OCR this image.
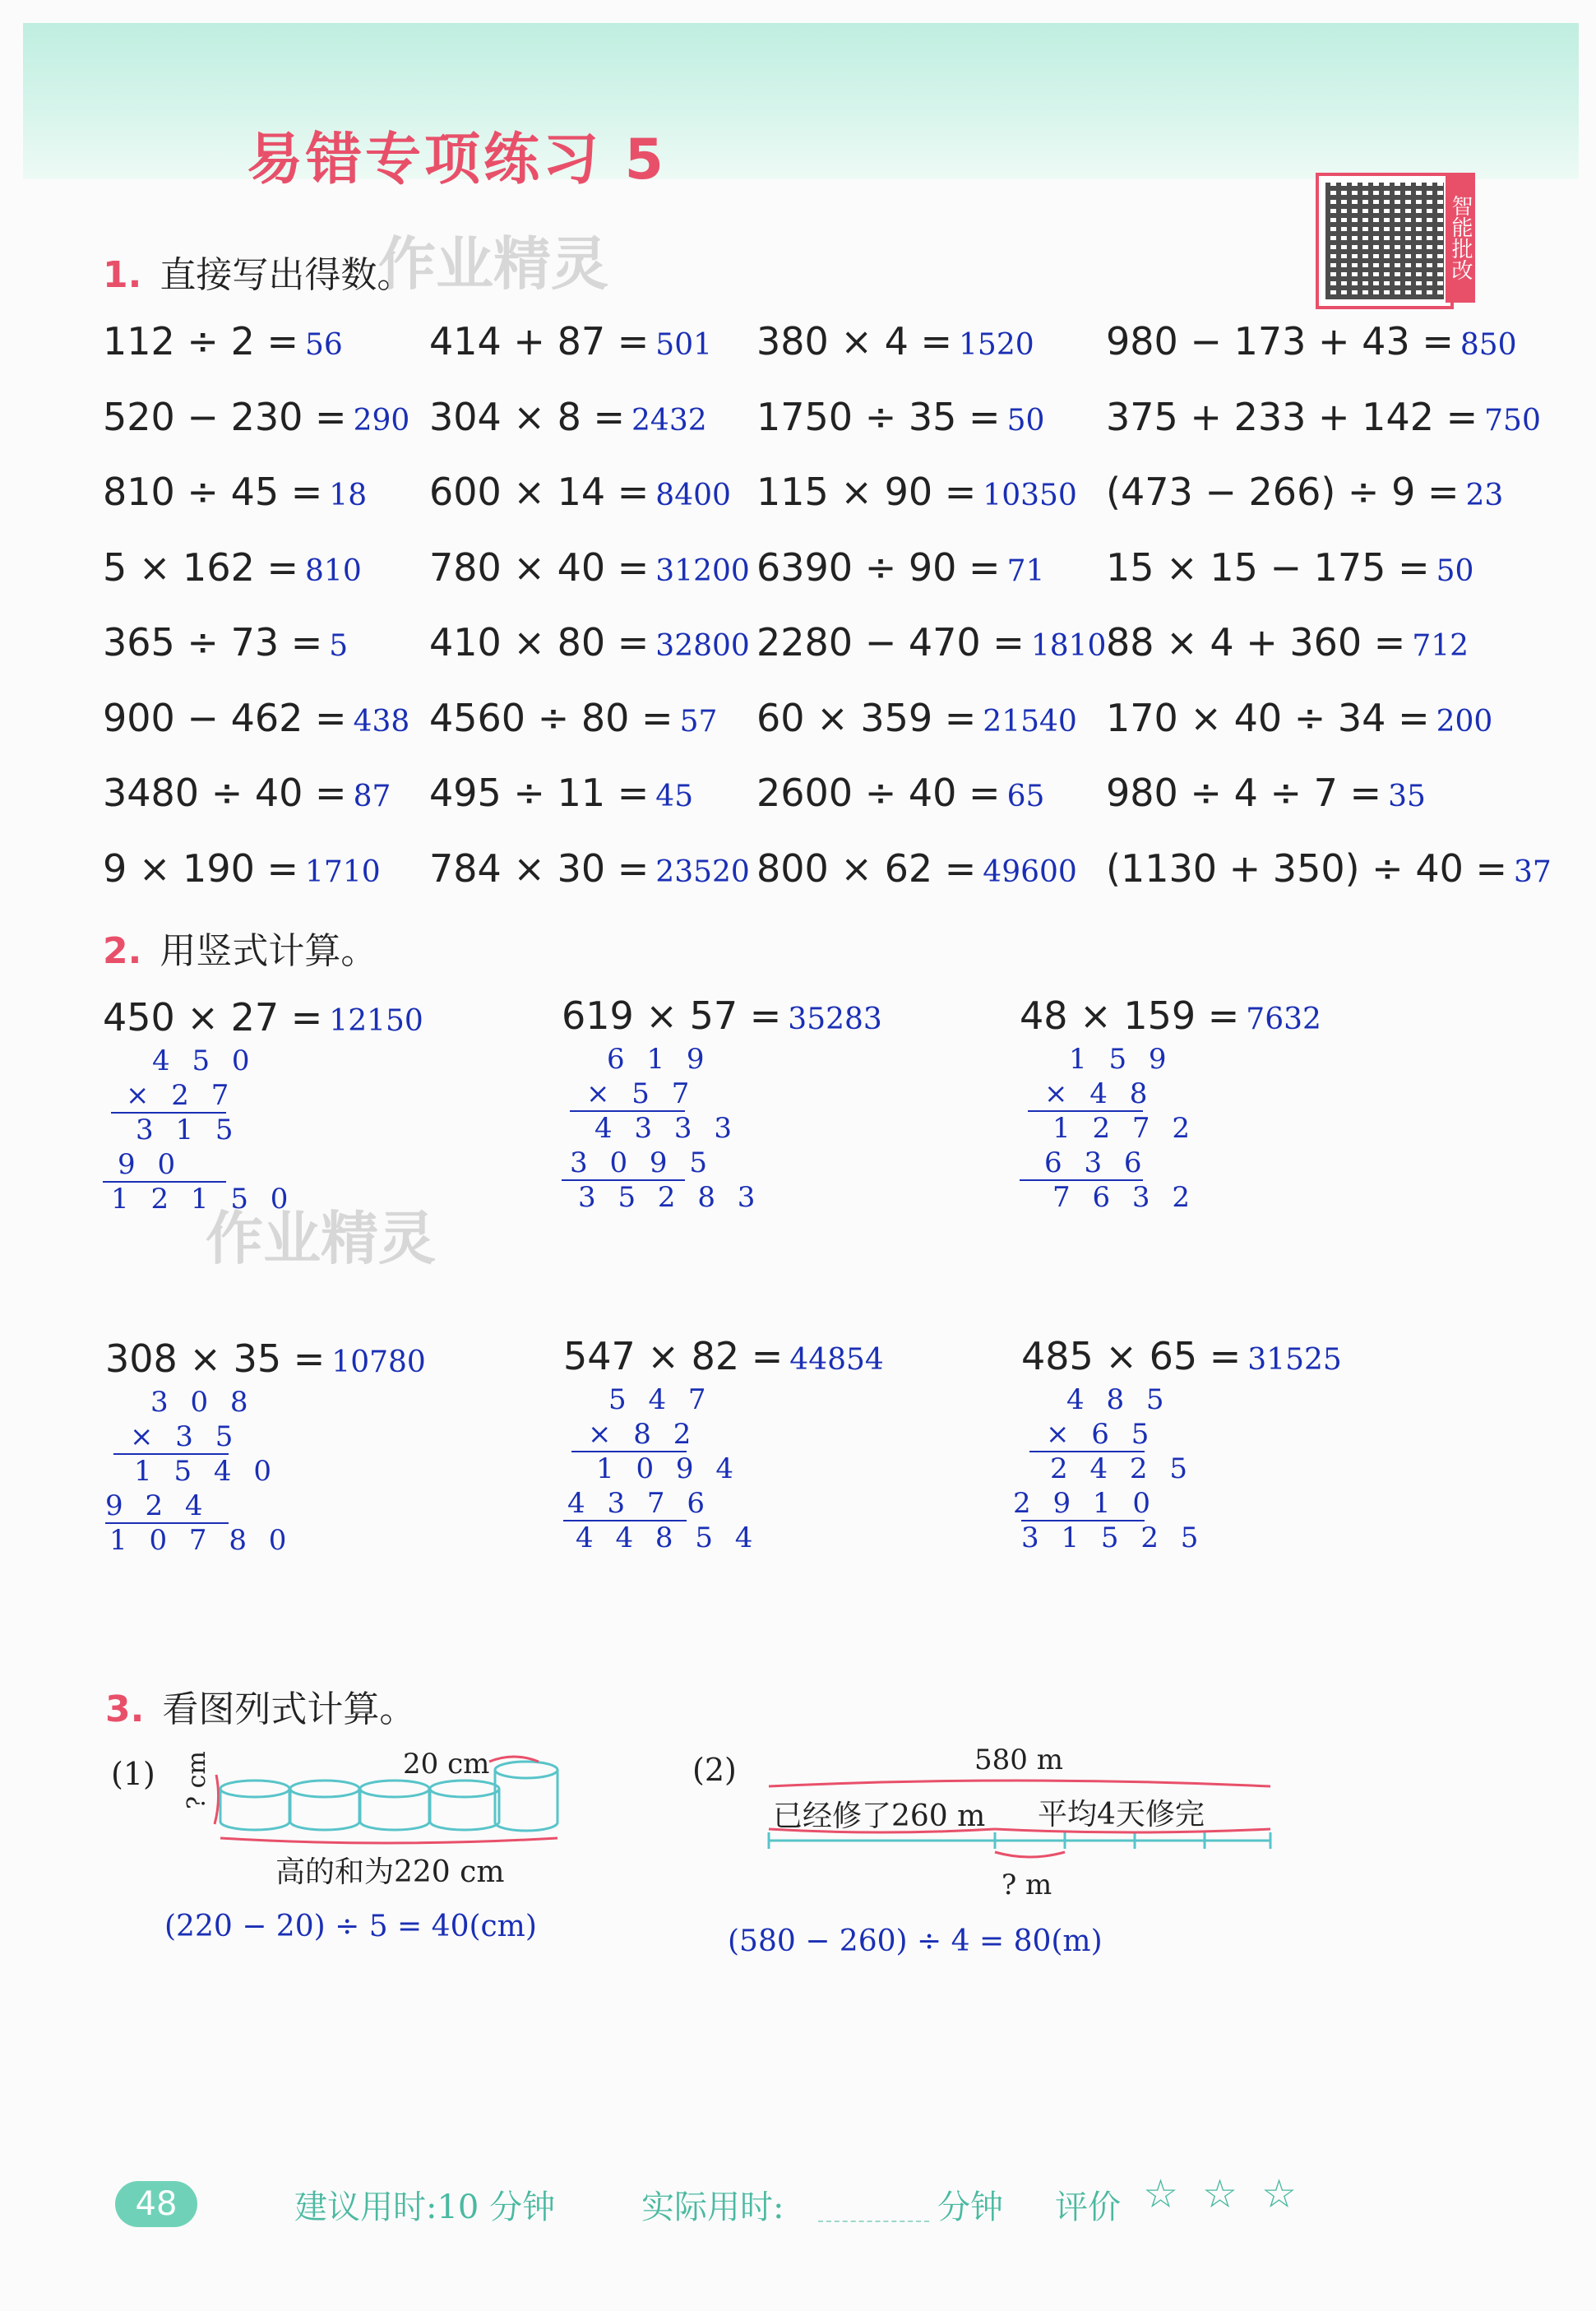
易错专项练习 5
智能批改
1. 直接写出得数。
作业精灵
112 ÷ 2 = 56
520 − 230 = 290
810 ÷ 45 = 18
5 × 162 = 810
365 ÷ 73 = 5
900 − 462 = 438
3480 ÷ 40 = 87
9 × 190 = 1710
414 + 87 = 501
304 × 8 = 2432
600 × 14 = 8400
780 × 40 = 31200
410 × 80 = 32800
4560 ÷ 80 = 57
495 ÷ 11 = 45
784 × 30 = 23520
380 × 4 = 1520
1750 ÷ 35 = 50
115 × 90 = 10350
6390 ÷ 90 = 71
2280 − 470 = 1810
60 × 359 = 21540
2600 ÷ 40 = 65
800 × 62 = 49600
980 − 173 + 43 = 850
375 + 233 + 142 = 750
(473 − 266) ÷ 9 = 23
15 × 15 − 175 = 50
88 × 4 + 360 = 712
170 × 40 ÷ 34 = 200
980 ÷ 4 ÷ 7 = 35
(1130 + 350) ÷ 40 = 37
2. 用竖式计算。
作业精灵
450 × 27 = 12150
4 5 0
× 2 7
3 1 5
9 0
1 2 1 5 0
619 × 57 = 35283
6 1 9
× 5 7
4 3 3 3
3 0 9 5
3 5 2 8 3
48 × 159 = 7632
1 5 9
× 4 8
1 2 7 2
6 3 6
7 6 3 2
308 × 35 = 10780
3 0 8
× 3 5
1 5 4 0
9 2 4
1 0 7 8 0
547 × 82 = 44854
5 4 7
× 8 2
1 0 9 4
4 3 7 6
4 4 8 5 4
485 × 65 = 31525
4 8 5
× 6 5
2 4 2 5
2 9 1 0
3 1 5 2 5
3. 看图列式计算。
(1)	20 cm
? cm
高的和为220 cm
(220 − 20) ÷ 5 = 40(cm)
(2)	580 m
已经修了260 m 平均4天修完
? m
(580 − 260) ÷ 4 = 80(m)
48	建议用时:10 分钟	实际用时:	分钟 评价 ☆ ☆ ☆
